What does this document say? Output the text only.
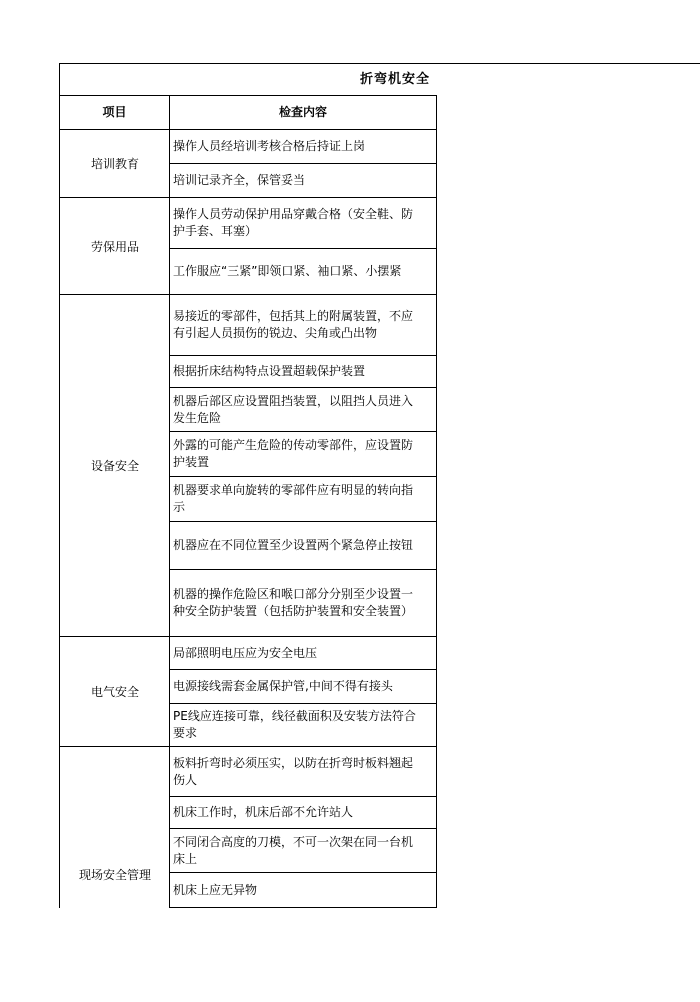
折弯机安全
项目	检查内容
培训教育
操作人员经培训考核合格后持证上岗
培训记录齐全，保管妥当
劳保用品
操作人员劳动保护用品穿戴合格（安全鞋、防
护手套、耳塞）
工作服应“三紧”即领口紧、袖口紧、小摆紧
设备安全
易接近的零部件，包括其上的附属装置，不应
有引起人员损伤的锐边、尖角或凸出物
根据折床结构特点设置超载保护装置
机器后部区应设置阻挡装置，以阻挡人员进入
发生危险
外露的可能产生危险的传动零部件，应设置防
护装置
机器要求单向旋转的零部件应有明显的转向指
示
机器应在不同位置至少设置两个紧急停止按钮
机器的操作危险区和喉口部分分别至少设置一
种安全防护装置（包括防护装置和安全装置）
电气安全
局部照明电压应为安全电压
电源接线需套金属保护管,中间不得有接头
PE线应连接可靠，线径截面积及安装方法符合
要求
现场安全管理
板料折弯时必须压实，以防在折弯时板料翘起
伤人
机床工作时，机床后部不允许站人
不同闭合高度的刀模，不可一次架在同一台机
床上
机床上应无异物
